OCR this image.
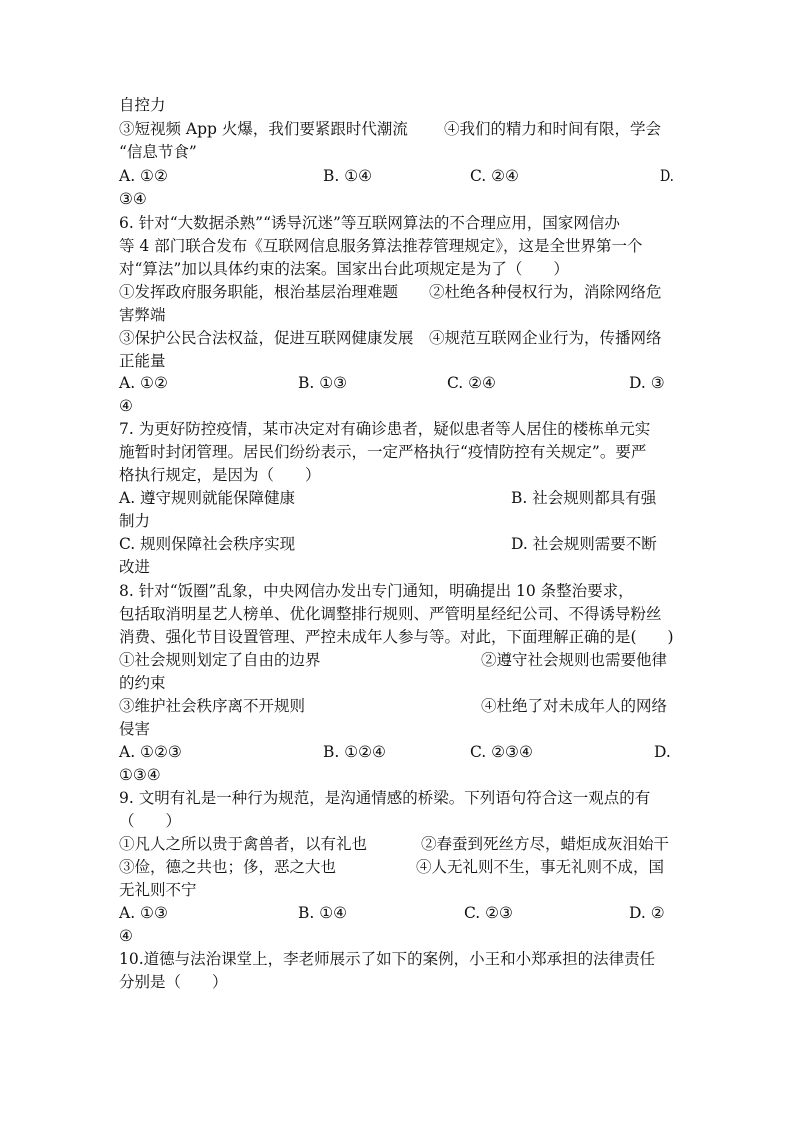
自控力
③短视频 App 火爆，我们要紧跟时代潮流 ④我们的精力和时间有限，学会
“信息节食”
A. ①②	B. ①④	C. ②④	D.
③④
6. 针对“大数据杀熟”“诱导沉迷”等互联网算法的不合理应用，国家网信办
等 4 部门联合发布《互联网信息服务算法推荐管理规定》，这是全世界第一个
对“算法”加以具体约束的法案。国家出台此项规定是为了（　　）
①发挥政府服务职能，根治基层治理难题　　②杜绝各种侵权行为，消除网络危
害弊端
③保护公民合法权益，促进互联网健康发展　④规范互联网企业行为，传播网络
正能量
A. ①②	B. ①③	C. ②④	D. ③
④
7. 为更好防控疫情，某市决定对有确诊患者，疑似患者等人居住的楼栋单元实
施暂时封闭管理。居民们纷纷表示，一定严格执行“疫情防控有关规定”。要严
格执行规定，是因为（　　）
A. 遵守规则就能保障健康	B. 社会规则都具有强
制力
C. 规则保障社会秩序实现	D. 社会规则需要不断
改进
8. 针对“饭圈”乱象，中央网信办发出专门通知，明确提出 10 条整治要求，
包括取消明星艺人榜单、优化调整排行规则、严管明星经纪公司、不得诱导粉丝
消费、强化节目设置管理、严控未成年人参与等。对此，下面理解正确的是(　　)
①社会规则划定了自由的边界	②遵守社会规则也需要他律
的约束
③维护社会秩序离不开规则	④杜绝了对未成年人的网络
侵害
A. ①②③	B. ①②④	C. ②③④	D.
①③④
9. 文明有礼是一种行为规范，是沟通情感的桥梁。下列语句符合这一观点的有
（　　）
①凡人之所以贵于禽兽者，以有礼也	②春蚕到死丝方尽，蜡炬成灰泪始干
③俭，德之共也；侈，恶之大也	④人无礼则不生，事无礼则不成，国
无礼则不宁
A. ①③	B. ①④	C. ②③	D. ②
④
10.道德与法治课堂上，李老师展示了如下的案例，小王和小郑承担的法律责任
分别是（　　）
